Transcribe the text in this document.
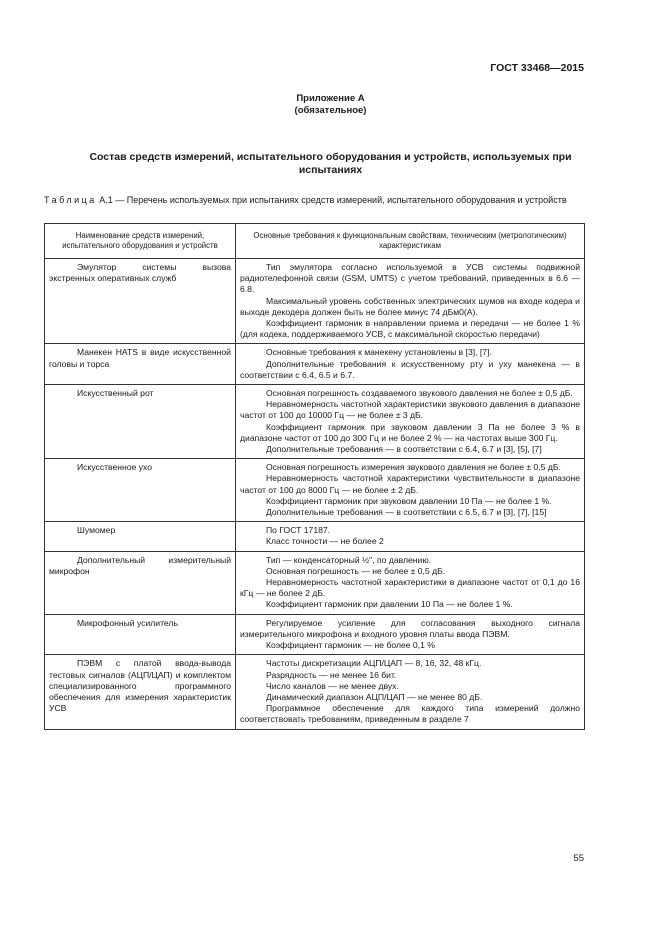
ГОСТ 33468—2015
Приложение А
(обязательное)
Состав средств измерений, испытательного оборудования и устройств, используемых при испытаниях
Таблица А.1 — Перечень используемых при испытаниях средств измерений, испытательного оборудования и устройств
Наименование средств измерений, испытательного оборудования и устройств	Основные требования к функциональным свойствам, техническим (метрологическим) характеристикам
Эмулятор системы вызова экстренных оперативных служб	Тип эмулятора согласно используемой в УСВ системы подвижной радиотелефонной связи (GSM, UMTS) с учетом требований, приведенных в 6.6 — 6.8.

Максимальный уровень собственных электрических шумов на входе кодера и выходе декодера должен быть не более минус 74 дБм0(А).

Коэффициент гармоник в направлении приема и передачи — не более 1 % (для кодека, поддерживаемого УСВ, с максимальной скоростью передачи)

Манекен HATS в виде искусственной головы и торса	Основные требования к манекену установлены в [3], [7].

Дополнительные требования к искусственному рту и уху манекена — в соответствии с 6.4, 6.5 и 6.7.

Искусственный рот	Основная погрешность создаваемого звукового давления не более ± 0,5 дБ.

Неравномерность частотной характеристики звукового давления в диапазоне частот от 100 до 10000 Гц — не более ± 3 дБ.

Коэффициент гармоник при звуковом давлении 3 Па не более 3 % в диапазоне частот от 100 до 300 Гц и не более 2 % — на частотах выше 300 Гц.

Дополнительные требования — в соответствии с 6.4, 6.7 и [3], [5], [7]

Искусственное ухо	Основная погрешность измерения звукового давления не более ± 0,5 дБ.

Неравномерность частотной характеристики чувствительности в диапазоне частот от 100 до 8000 Гц — не более ± 2 дБ.

Коэффициент гармоник при звуковом давлении 10 Па — не более 1 %.

Дополнительные требования — в соответствии с 6.5, 6.7 и [3], [7], [15]

Шумомер	По ГОСТ 17187.

Класс точности — не более 2

Дополнительный измерительный микрофон	Тип — конденсаторный ½", по давлению.

Основная погрешность — не более ± 0,5 дБ.

Неравномерность частотной характеристики в диапазоне частот от 0,1 до 16 кГц — не более 2 дБ.

Коэффициент гармоник при давлении 10 Па — не более 1 %.

Микрофонный усилитель	Регулируемое усиление для согласования выходного сигнала измерительного микрофона и входного уровня платы ввода ПЭВМ.

Коэффициент гармоник — не более 0,1 %

ПЭВМ с платой ввода-вывода тестовых сигналов (АЦП/ЦАП) и комплектом специализированного программного обеспечения для измерения характеристик УСВ	Частоты дискретизации АЦП/ЦАП — 8, 16, 32, 48 кГц.

Разрядность — не менее 16 бит.

Число каналов — не менее двух.

Динамический диапазон АЦП/ЦАП — не менее 80 дБ.

Программное обеспечение для каждого типа измерений должно соответствовать требованиям, приведенным в разделе 7

55
